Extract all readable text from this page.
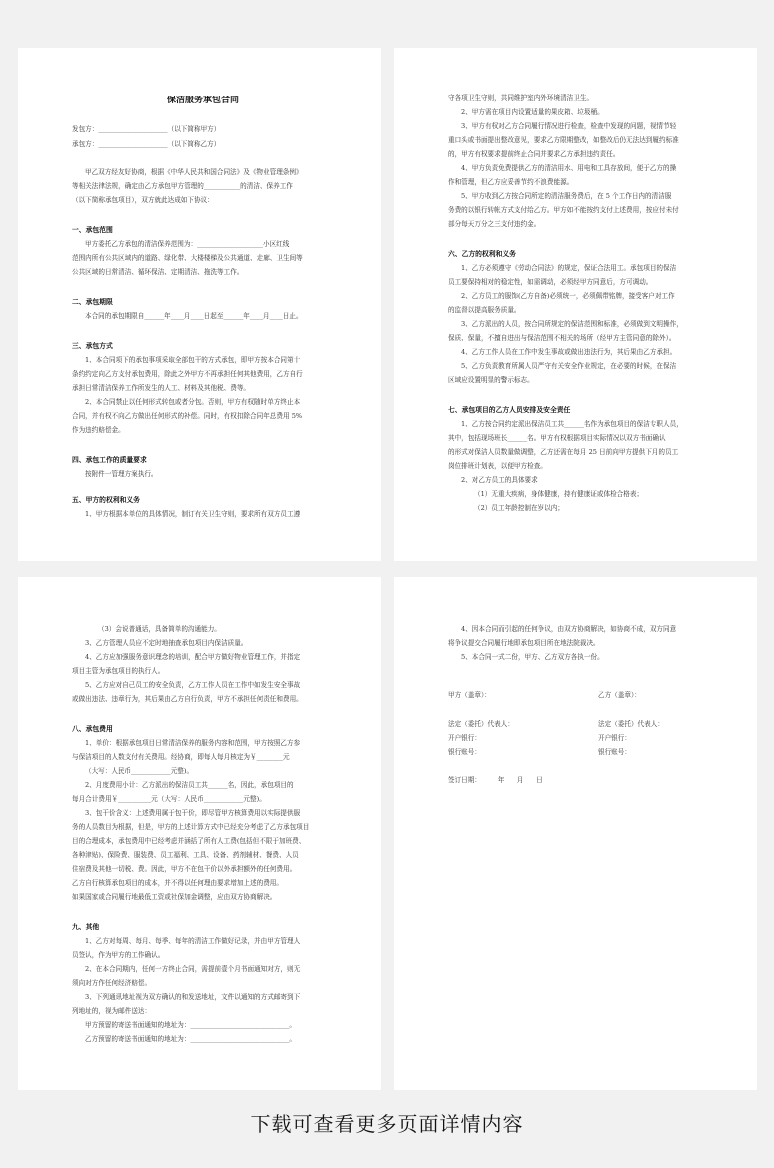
保洁服务承包合同
发包方：_____________________（以下简称甲方）
承包方：_____________________（以下简称乙方）
甲乙双方经友好协商，根据《中华人民共和国合同法》及《物业管理条例》
等相关法律法规，确定由乙方承包甲方管理的___________的清洁、保养工作
（以下简称承包项目），双方就此达成如下协议：
一、承包范围
甲方委托乙方承包的清洁保养范围为：____________________小区红线
范围内所有公共区域内的道路、绿化带、大楼楼梯及公共通道、走廊、卫生间等
公共区域的日常清洁、循环保洁、定期清洁、拖洗等工作。
二、承包期限
本合同的承包期限自______年____月____日起至______年____月____日止。
三、承包方式
1、本合同项下的承包事项采取全部包干的方式承包，即甲方按本合同第十
条约约定向乙方支付承包费用，除此之外甲方不再承担任何其他费用，乙方自行
承担日常清洁保养工作所发生的人工、材料及其他税、费等。
2、本合同禁止以任何形式转包或者分包。否则，甲方有权随时单方终止本
合同，并有权不向乙方做出任何形式的补偿。同时，有权扣除合同年总费用 5%
作为违约赔偿金。
四、承包工作的质量要求
按附件一管理方案执行。
五、甲方的权利和义务
1、甲方根据本单位的具体情况，制订有关卫生守则，要求所有双方员工遵
守各项卫生守则，共同维护室内外环境清洁卫生。
2、甲方需在项目内设置适量的果皮箱、垃圾桶。
3、甲方有权对乙方合同履行情况进行检查，检查中发现的问题，视情节轻
重口头或书面提出整改意见，要求乙方限期整改，如整改后仍无法达到履约标准
的，甲方有权要求提前终止合同并要求乙方承担违约责任。
4、甲方负责免费提供乙方的清洁用水、用电和工具存放间，便于乙方的操
作和管理，但乙方应妥善节约不浪费能源。
5、甲方收到乙方按合同所定的清洁服务费后，在 5 个工作日内的清洁服
务费的以银行转帐方式支付给乙方。甲方如不能按约支付上述费用，按应付未付
部分每天万分之三支付违约金。
六、乙方的权利和义务
1、乙方必须遵守《劳动合同法》的规定，保证合法用工。承包项目的保洁
员工要保持相对的稳定性，如需调动，必须经甲方同意后，方可调动。
2、乙方员工的服饰(乙方自备)必须统一，必须佩带铭牌，接受客户对工作
的监督以提高服务质量。
3、乙方派出的人员，按合同所规定的保洁范围和标准，必须做到文明操作，
保质、保量，不擅自进出与保洁范围不相关的场所（经甲方主管同意的除外）。
4、乙方工作人员在工作中发生事故或做出违法行为，其后果由乙方承担。
5、乙方负责教育所属人员严守有关安全作业规定，在必要的时候，在保洁
区域应设置明显的警示标志。
七、承包项目的乙方人员安排及安全责任
1、乙方按合同约定派出保洁员工共______名作为承包项目的保洁专职人员，
其中，包括现场班长______名。甲方有权根据项目实际情况以双方书面确认
的形式对保洁人员数量做调整，乙方还需在每月 25 日前向甲方提供下月的员工
岗位排班计划表，以便甲方检查。
2、对乙方员工的具体要求
（1）无重大疾病，身体健康，持有健康证或体检合格表；
（2）员工年龄控制在岁以内；
（3）会说普通话，具备简单的沟通能力。
3、乙方管理人员应不定时地抽查承包项目内保洁质量。
4、乙方应加强服务意识理念的培训，配合甲方做好物业管理工作，并指定
项目主管为承包项目的执行人。
5、乙方应对自己员工的安全负责，乙方工作人员在工作中如发生安全事故
或做出违法、违章行为，其后果由乙方自行负责，甲方不承担任何责任和费用。
八、承包费用
1、单价：根据承包项目日常清洁保养的服务内容和范围，甲方按照乙方参
与保洁项目的人数支付有关费用。经协商，即每人每月核定为￥________元
（大写：人民币____________元整)。
2、月度费用小计：乙方派出的保洁员工共______名，因此，承包项目的
每月合计费用￥__________元（大写：人民币____________元整)。
3、包干价含义：上述费用属于包干价，即尽管甲方核算费用以实际提供服
务的人员数目为根据，但是，甲方的上述计算方式中已经充分考虑了乙方承包项目
目的合理成本，承包费用中已经考虑并涵括了所有人工费(包括但不限于加班费、
各种津贴)、保险费、服装费、员工福利、工具、设备、药剂辅材、餐费、人员
住宿费及其他一切税、费。因此，甲方不在包干价以外承担额外的任何费用。
乙方自行核算承包项目的成本，并不得以任何理由要求增加上述的费用。
如果国家或合同履行地最低工资或社保加金调整，应由双方协商解决。
九、其他
1、乙方对每周、每月、每季、每年的清洁工作做好记录，并由甲方管理人
员签认，作为甲方的工作确认。
2、在本合同期内，任何一方终止合同，需提前壹个月书面通知对方，则无
须向对方作任何经济赔偿。
3、下列通讯地址视为双方确认的和发送地址，文件以通知的方式邮寄到下
列地址的，视为邮件送达：
甲方预留的寄送书面通知的地址为：______________________________。
乙方预留的寄送书面通知的地址为：______________________________。
4、因本合同而引起的任何争议，由双方协商解决，如协商不成，双方同意
将争议提交合同履行地即承包项目所在地法院裁决。
5、本合同一式二份，甲方、乙方双方各执一份。
甲方（盖章）：	乙方（盖章）：
法定（委托）代表人：	法定（委托）代表人：
开户银行：	开户银行：
银行账号：	银行账号：
签订日期：        年      月      日
下载可查看更多页面详情内容
